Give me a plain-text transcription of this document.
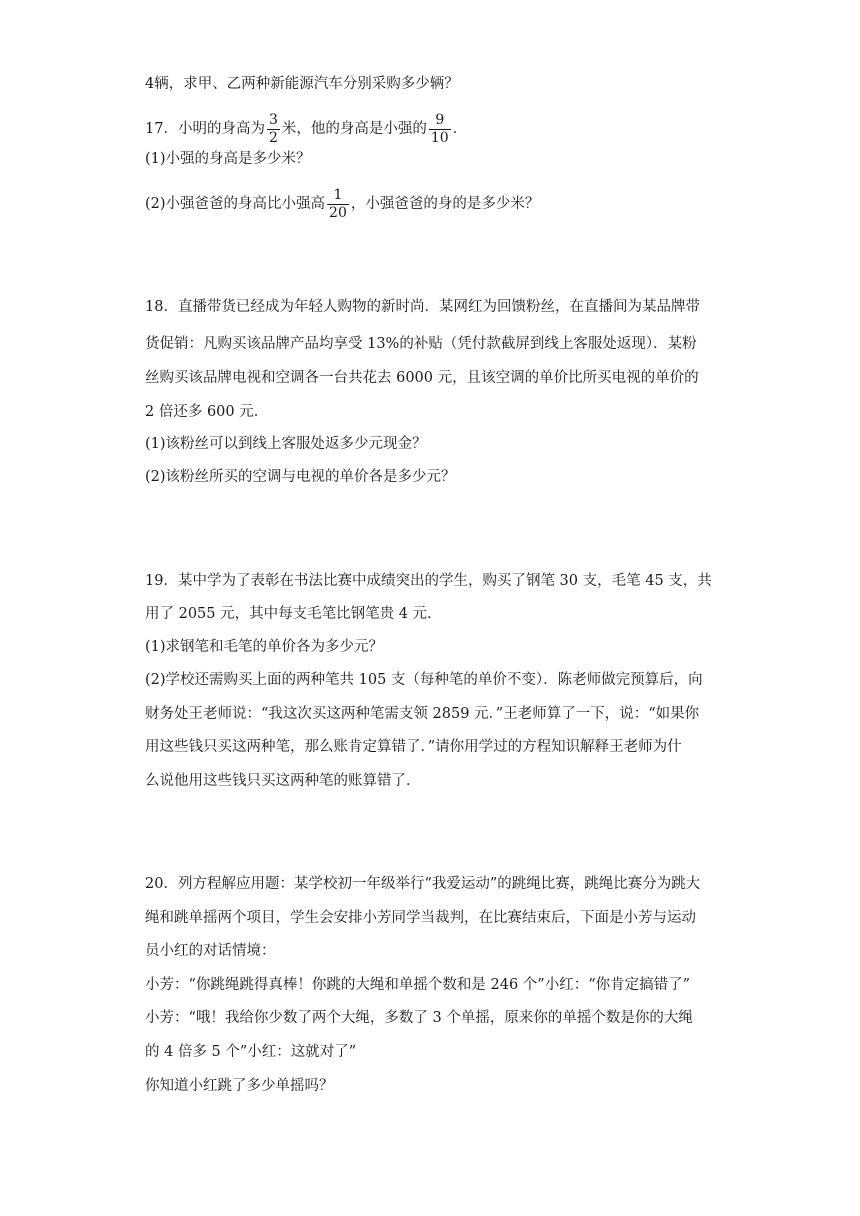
4辆，求甲、乙两种新能源汽车分别采购多少辆？
17．小明的身高为 $\frac{3}{2}$ 米，他的身高是小强的 $\frac{9}{10}$ ．
(1)小强的身高是多少米？
(2)小强爸爸的身高比小强高 $\frac{1}{20}$ ，小强爸爸的身的是多少米？
18．直播带货已经成为年轻人购物的新时尚．某网红为回馈粉丝，在直播间为某品牌带
货促销：凡购买该品牌产品均享受 13%的补贴（凭付款截屏到线上客服处返现）．某粉
丝购买该品牌电视和空调各一台共花去 6000 元，且该空调的单价比所买电视的单价的
2 倍还多 600 元．
(1)该粉丝可以到线上客服处返多少元现金？
(2)该粉丝所买的空调与电视的单价各是多少元？
19．某中学为了表彰在书法比赛中成绩突出的学生，购买了钢笔 30 支，毛笔 45 支，共
用了 2055 元，其中每支毛笔比钢笔贵 4 元．
(1)求钢笔和毛笔的单价各为多少元？
(2)学校还需购买上面的两种笔共 105 支（每种笔的单价不变）．陈老师做完预算后，向
财务处王老师说：“我这次买这两种笔需支领 2859 元．”王老师算了一下，说：“如果你
用这些钱只买这两种笔，那么账肯定算错了．”请你用学过的方程知识解释王老师为什
么说他用这些钱只买这两种笔的账算错了．
20．列方程解应用题：某学校初一年级举行“我爱运动”的跳绳比赛，跳绳比赛分为跳大
绳和跳单摇两个项目，学生会安排小芳同学当裁判，在比赛结束后，下面是小芳与运动
员小红的对话情境：
小芳：“你跳绳跳得真棒！你跳的大绳和单摇个数和是 246 个”小红：“你肯定搞错了”
小芳：“哦！我给你少数了两个大绳，多数了 3 个单摇，原来你的单摇个数是你的大绳
的 4 倍多 5 个”小红：这就对了”
你知道小红跳了多少单摇吗？
